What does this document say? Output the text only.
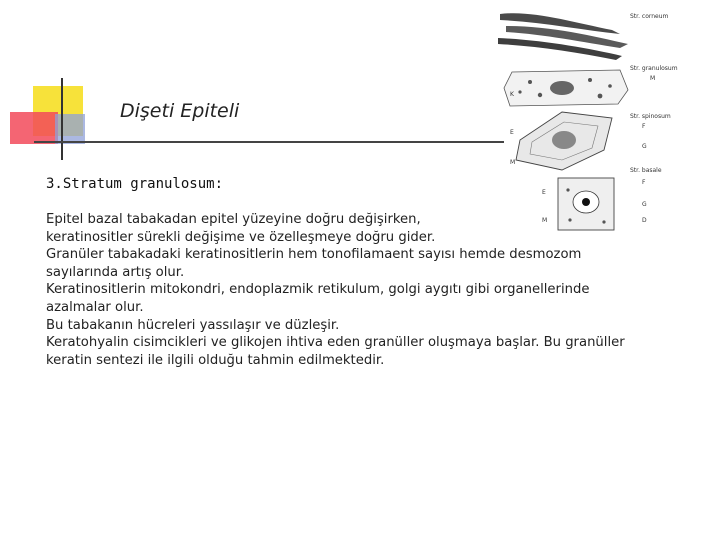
Dişeti Epiteli
3.Stratum granulosum:

Epitel bazal tabakadan epitel yüzeyine doğru değişirken,

keratinositler sürekli değişime ve özelleşmeye doğru gider.

Granüler tabakadaki keratinositlerin hem tonofilamaent sayısı hemde desmozom

sayılarında artış olur.

Keratinositlerin mitokondri, endoplazmik retikulum, golgi aygıtı gibi organellerinde

azalmalar olur.

Bu tabakanın hücreleri yassılaşır ve düzleşir.

Keratohyalin cisimcikleri ve glikojen ihtiva eden granüller oluşmaya başlar. Bu granüller

keratin sentezi ile ilgili olduğu tahmin edilmektedir.

Str. corneum
Str. granulosum
M
K
Str. spinosum
F
G
E
M
Str. basale
F
G
D
E
M
